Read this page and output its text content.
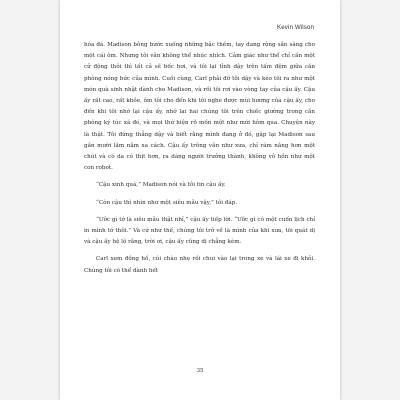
Kevin Wilson

hóa đá. Madison bỗng bước xuống những bậc thềm, tay dang rộng sẵn sàng cho một cái ôm. Nhưng tôi vẫn không thể nhúc nhích. Cảm giác như thể chỉ cần một cử động thôi thì tất cả sẽ bốc hơi, và tôi lại tỉnh dậy trên tấm đệm giữa căn phòng nóng bức của mình. Cuối cùng, Carl phải đỡ tôi dậy và kéo tôi ra như một món quà sinh nhật dành cho Madison, và rồi tôi rơi vào vòng tay của cậu ấy. Cậu ấy rất cao, rất khỏe, ôm tôi cho đến khi tôi nghe được mùi hương của cậu ấy, cho đến khi tôi nhớ lại cậu ấy, nhớ lại hai chúng tôi trên chiếc giường trong căn phòng ký túc xá đó, và mọi thứ hiện rõ mồn một như mới hôm qua. Chuyện này là thật. Tôi đứng thẳng dậy và biết rằng mình đang ở đó, gặp lại Madison sau gần mười lăm năm xa cách. Cậu ấy trông vẫn như xưa, chỉ rám nắng hơn một chút và có da có thịt hơn, ra dáng người trưởng thành, không vô hồn như một con robot.

“Cậu xinh quá,” Madison nói và tôi tin cậu ấy.

“Còn cậu thì nhìn như một siêu mẫu vậy,” tôi đáp.

“Ước gì tớ là siêu mẫu thật nhỉ,” cậu ấy tiếp lời. “Ước gì có một cuốn lịch chỉ in mình tớ thôi.” Và cứ như thế, chúng tôi trở về là mình của khi xưa, tôi quát dị và cậu ấy hệ lộ rằng, trời ơi, cậu ấy cũng dị chẳng kém.

Carl xem đồng hồ, cúi chào nhẹ rồi chui vào lại trong xe và lái xe đi khỏi. Chúng tôi có thể dành hết

35
